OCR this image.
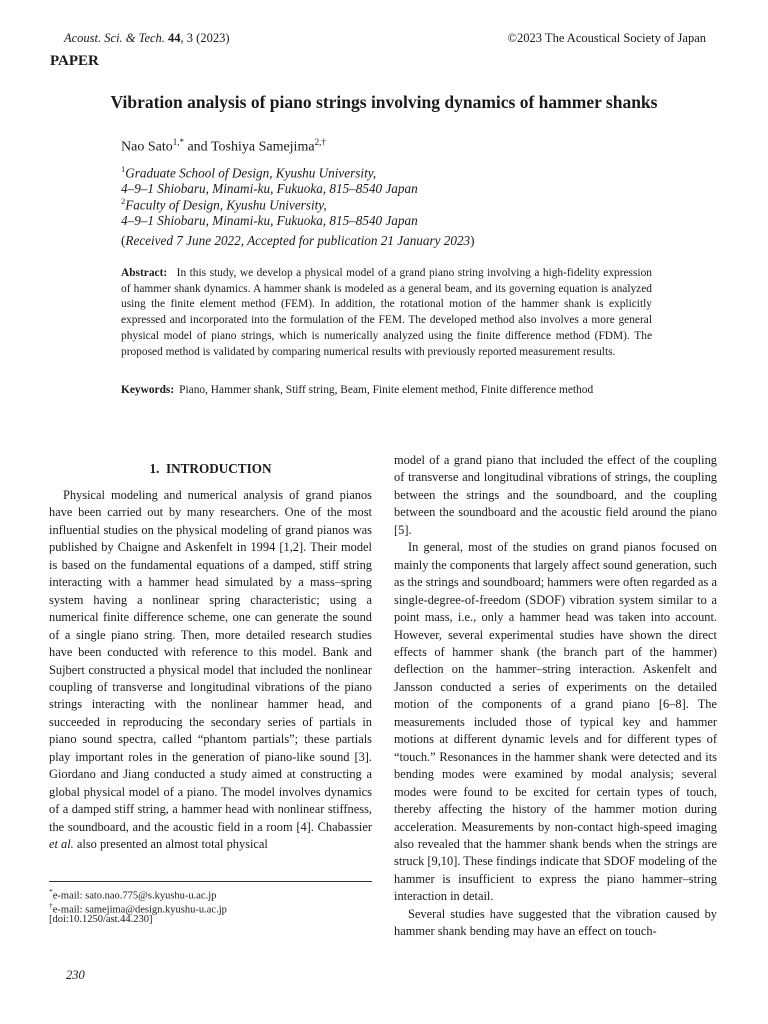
Acoust. Sci. & Tech. 44, 3 (2023)	©2023 The Acoustical Society of Japan
PAPER
Vibration analysis of piano strings involving dynamics of hammer shanks
Nao Sato$^{1,*}$ and Toshiya Samejima$^{2,\dagger}$
$^1$Graduate School of Design, Kyushu University,
4–9–1 Shiobaru, Minami-ku, Fukuoka, 815–8540 Japan
$^2$Faculty of Design, Kyushu University,
4–9–1 Shiobaru, Minami-ku, Fukuoka, 815–8540 Japan
(Received 7 June 2022, Accepted for publication 21 January 2023)
Abstract: In this study, we develop a physical model of a grand piano string involving a high-fidelity expression of hammer shank dynamics. A hammer shank is modeled as a general beam, and its governing equation is analyzed using the finite element method (FEM). In addition, the rotational motion of the hammer shank is explicitly expressed and incorporated into the formulation of the FEM. The developed method also involves a more general physical model of piano strings, which is numerically analyzed using the finite difference method (FDM). The proposed method is validated by comparing numerical results with previously reported measurement results.
Keywords: Piano, Hammer shank, Stiff string, Beam, Finite element method, Finite difference method
1.  INTRODUCTION

Physical modeling and numerical analysis of grand pianos have been carried out by many researchers. One of the most influential studies on the physical modeling of grand pianos was published by Chaigne and Askenfelt in 1994 [1,2]. Their model is based on the fundamental equations of a damped, stiff string interacting with a hammer head simulated by a mass–spring system having a nonlinear spring characteristic; using a numerical finite difference scheme, one can generate the sound of a single piano string. Then, more detailed research studies have been conducted with reference to this model. Bank and Sujbert constructed a physical model that included the nonlinear coupling of transverse and longitudinal vibrations of the piano strings interacting with the nonlinear hammer head, and succeeded in reproducing the secondary series of partials in piano sound spectra, called “phantom partials”; these partials play important roles in the generation of piano-like sound [3]. Giordano and Jiang conducted a study aimed at constructing a global physical model of a piano. The model involves dynamics of a damped stiff string, a hammer head with nonlinear stiffness, the soundboard, and the acoustic field in a room [4]. Chabassier et al. also presented an almost total physical

model of a grand piano that included the effect of the coupling of transverse and longitudinal vibrations of strings, the coupling between the strings and the soundboard, and the coupling between the soundboard and the acoustic field around the piano [5].

In general, most of the studies on grand pianos focused on mainly the components that largely affect sound generation, such as the strings and soundboard; hammers were often regarded as a single-degree-of-freedom (SDOF) vibration system similar to a point mass, i.e., only a hammer head was taken into account. However, several experimental studies have shown the direct effects of hammer shank (the branch part of the hammer) deflection on the hammer–string interaction. Askenfelt and Jansson conducted a series of experiments on the detailed motion of the components of a grand piano [6–8]. The measurements included those of typical key and hammer motions at different dynamic levels and for different types of “touch.” Resonances in the hammer shank were detected and its bending modes were examined by modal analysis; several modes were found to be excited for certain types of touch, thereby affecting the history of the hammer motion during acceleration. Measurements by non-contact high-speed imaging also revealed that the hammer shank bends when the strings are struck [9,10]. These findings indicate that SDOF modeling of the hammer is insufficient to express the piano hammer–string interaction in detail.

Several studies have suggested that the vibration caused by hammer shank bending may have an effect on touch-

*e-mail: sato.nao.775@s.kyushu-u.ac.jp
†e-mail: samejima@design.kyushu-u.ac.jp
[doi:10.1250/ast.44.230]
230
